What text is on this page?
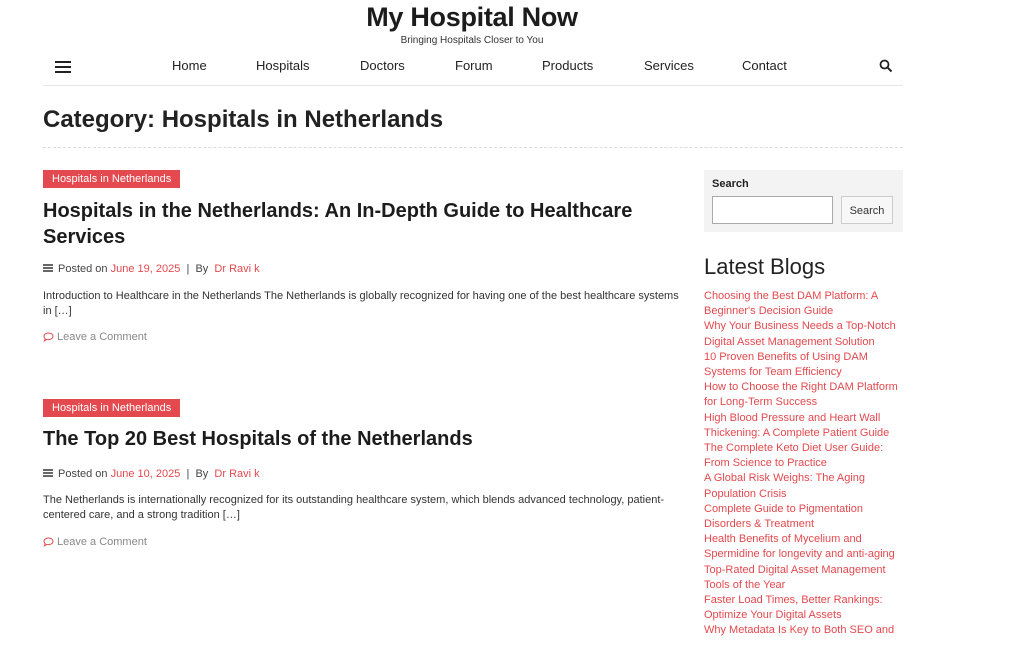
My Hospital Now
Bringing Hospitals Closer to You
Home	Hospitals	Doctors	Forum	Products	Services	Contact
Category: Hospitals in Netherlands
Hospitals in Netherlands
Hospitals in the Netherlands: An In-Depth Guide to Healthcare Services
Posted on June 19, 2025 | By Dr Ravi k
Introduction to Healthcare in the Netherlands The Netherlands is globally recognized for having one of the best healthcare systems in […]
Leave a Comment
Hospitals in Netherlands
The Top 20 Best Hospitals of the Netherlands
Posted on June 10, 2025 | By Dr Ravi k
The Netherlands is internationally recognized for its outstanding healthcare system, which blends advanced technology, patient-centered care, and a strong tradition […]
Leave a Comment
Search
Search
Latest Blogs
Choosing the Best DAM Platform: A Beginner's Decision Guide
Why Your Business Needs a Top-Notch Digital Asset Management Solution
10 Proven Benefits of Using DAM Systems for Team Efficiency
How to Choose the Right DAM Platform for Long-Term Success
High Blood Pressure and Heart Wall Thickening: A Complete Patient Guide
The Complete Keto Diet User Guide: From Science to Practice
A Global Risk Weighs: The Aging Population Crisis
Complete Guide to Pigmentation Disorders & Treatment
Health Benefits of Mycelium and Spermidine for longevity and anti-aging
Top-Rated Digital Asset Management Tools of the Year
Faster Load Times, Better Rankings: Optimize Your Digital Assets
Why Metadata Is Key to Both SEO and
